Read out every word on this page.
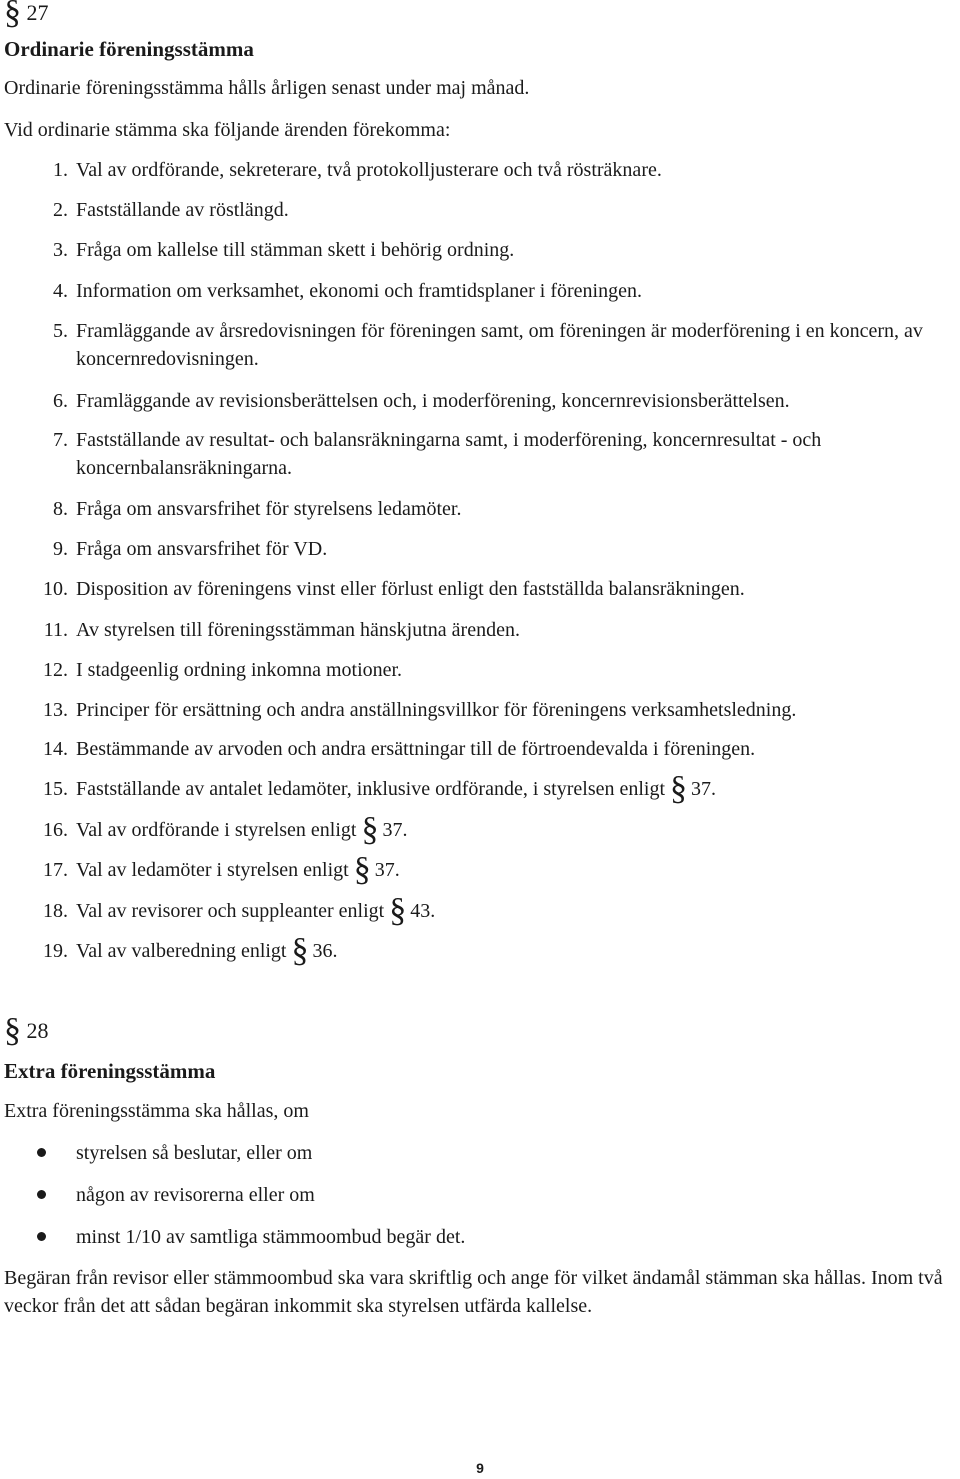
§ 27
Ordinarie föreningsstämma
Ordinarie föreningsstämma hålls årligen senast under maj månad.
Vid ordinarie stämma ska följande ärenden förekomma:
1. Val av ordförande, sekreterare, två protokolljusterare och två rösträknare.
2. Fastställande av röstlängd.
3. Fråga om kallelse till stämman skett i behörig ordning.
4. Information om verksamhet, ekonomi och framtidsplaner i föreningen.
5. Framläggande av årsredovisningen för föreningen samt, om föreningen är moderförening i en koncern, av koncernredovisningen.
6. Framläggande av revisionsberättelsen och, i moderförening, koncernrevisionsberättelsen.
7. Fastställande av resultat- och balansräkningarna samt, i moderförening, koncernresultat - och koncernbalansräkningarna.
8. Fråga om ansvarsfrihet för styrelsens ledamöter.
9. Fråga om ansvarsfrihet för VD.
10. Disposition av föreningens vinst eller förlust enligt den fastställda balansräkningen.
11. Av styrelsen till föreningsstämman hänskjutna ärenden.
12. I stadgeenlig ordning inkomna motioner.
13. Principer för ersättning och andra anställningsvillkor för föreningens verksamhetsledning.
14. Bestämmande av arvoden och andra ersättningar till de förtroendevalda i föreningen.
15. Fastställande av antalet ledamöter, inklusive ordförande, i styrelsen enligt § 37.
16. Val av ordförande i styrelsen enligt § 37.
17. Val av ledamöter i styrelsen enligt § 37.
18. Val av revisorer och suppleanter enligt § 43.
19. Val av valberedning enligt § 36.
§ 28
Extra föreningsstämma
Extra föreningsstämma ska hållas, om
styrelsen så beslutar, eller om
någon av revisorerna eller om
minst 1/10 av samtliga stämmoombud begär det.
Begäran från revisor eller stämmoombud ska vara skriftlig och ange för vilket ändamål stämman ska hållas. Inom två veckor från det att sådan begäran inkommit ska styrelsen utfärda kallelse.
9
